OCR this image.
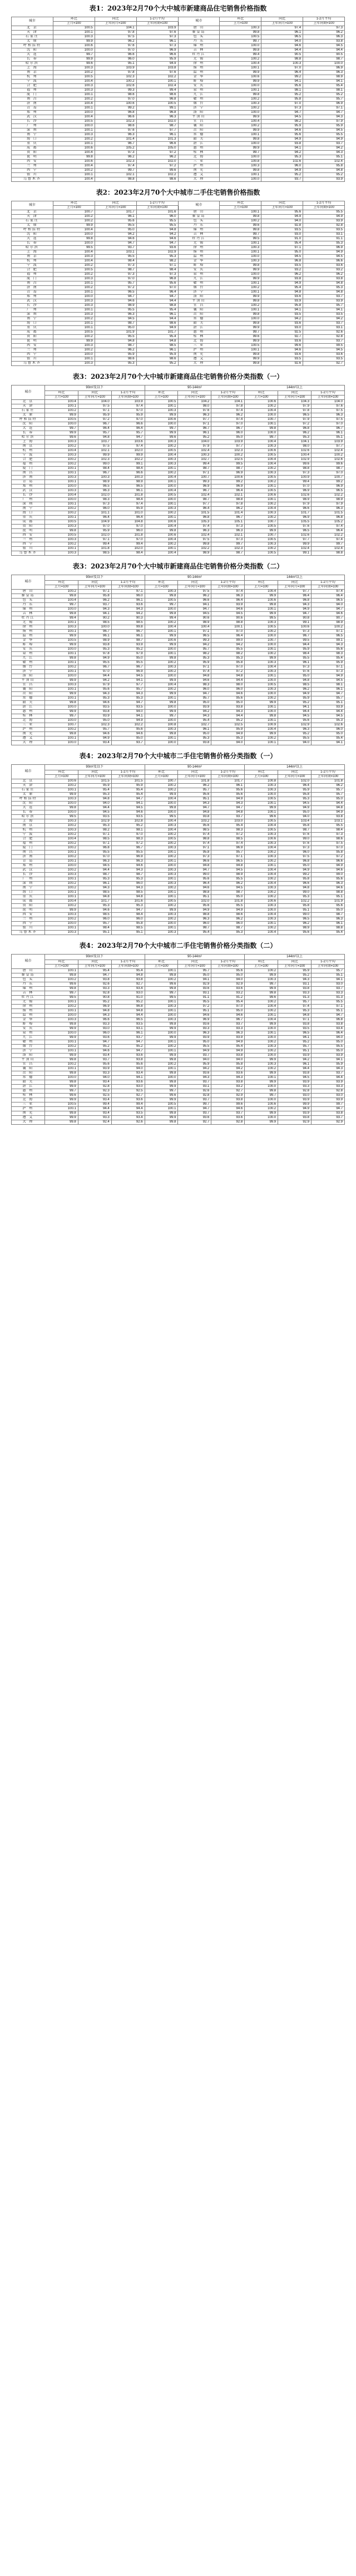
表1：2023年2月70个大中城市新建商品住宅销售价格指数
城市	环比	同比	1-2月平均	城市	环比	同比	1-2月平均
	上月=100	上年同月=100	上年同期=100		上月=100	上年同月=100	上年同期=100
北 京	100.5	104.1	103.9	唐 山	100.3	97.4	97.3
天 津	100.1	97.8	97.6	秦皇岛	99.8	96.1	96.2
石家庄	100.3	97.5	97.3	包 头	100.5	96.5	96.3
太 原	99.9	96.2	96.1	丹 东	99.7	94.0	93.8
呼和浩特	100.6	97.6	97.3	锦 州	100.0	94.6	94.5
沈 阳	100.0	97.0	96.9	吉 林	99.8	94.4	94.4
大 连	99.7	96.6	96.6	牡丹江	99.4	90.5	90.5
长 春	99.9	96.0	95.9	无 锡	100.2	98.8	98.7
哈尔滨	99.6	95.1	94.9	徐 州	100.4	100.3	100.0
上 海	100.3	103.9	103.8	扬 州	100.1	97.0	96.9
南 京	100.2	97.8	97.6	温 州	99.9	96.4	96.3
杭 州	100.5	102.3	102.2	金 华	100.6	99.2	98.9
宁 波	100.4	100.2	100.1	蚌 埠	99.9	94.1	94.1
合 肥	100.3	102.6	102.4	安 庆	100.0	95.6	95.4
福 州	100.3	99.3	99.4	泉 州	100.1	98.1	98.1
厦 门	100.1	98.6	98.6	九 江	99.8	95.2	95.2
南 昌	100.2	97.0	96.8	赣 州	100.2	95.8	95.7
济 南	100.4	100.6	100.5	烟 台	100.3	97.0	96.9
青 岛	100.1	99.2	99.1	济 宁	100.2	97.3	97.1
郑 州	100.0	96.8	96.8	洛 阳	100.0	94.7	94.7
武 汉	100.4	96.6	96.3	平顶山	99.9	94.5	94.3
长 沙	100.5	102.3	102.0	宜 昌	100.4	98.2	97.9
广 州	100.0	98.6	98.7	襄 阳	100.2	95.9	95.9
深 圳	100.1	97.6	97.7	岳 阳	99.9	94.6	94.5
南 宁	100.3	96.3	96.1	常 德	100.1	95.6	95.5
海 口	100.2	101.4	101.3	韶 关	99.8	94.9	94.9
重 庆	100.1	96.7	96.6	湛 江	100.0	93.8	93.7
成 都	100.6	105.2	105.0	惠 州	99.9	94.1	94.2
贵 阳	100.4	97.3	97.2	桂 林	99.7	94.2	94.3
昆 明	99.8	96.2	96.2	北 海	100.0	95.3	95.1
西 安	100.6	102.3	102.0	三 亚	100.8	102.6	102.4
兰 州	100.4	97.4	97.2	泸 州	100.3	96.0	95.8
西 宁	100.2	99.7	99.6	南 充	99.8	94.9	94.8
银 川	100.1	102.1	102.2	遵 义	100.1	95.2	95.2
乌鲁木齐	100.4	98.8	98.6	大 理	100.0	93.7	93.9
表2：2023年2月70个大中城市二手住宅销售价格指数
城市	环比	同比	1-2月平均	城市	环比	同比	1-2月平均
	上月=100	上年同月=100	上年同期=100		上月=100	上年同月=100	上年同期=100
北 京	100.7	101.7	101.6	唐 山	100.1	95.6	95.5
天 津	100.2	96.1	96.0	秦皇岛	99.8	94.9	94.9
石家庄	100.2	95.6	95.5	包 头	100.2	94.0	93.9
太 原	99.9	95.5	95.5	丹 东	99.6	92.8	92.8
呼和浩特	100.4	95.0	94.8	锦 州	99.8	93.5	93.5
沈 阳	100.0	94.2	94.2	吉 林	99.7	93.0	93.1
大 连	99.8	94.6	94.6	牡丹江	99.5	91.0	91.1
长 春	100.0	94.7	94.7	无 锡	100.1	95.4	95.3
哈尔滨	99.5	93.7	93.6	徐 州	100.3	97.1	96.9
上 海	100.4	103.1	102.9	扬 州	100.1	95.0	94.9
南 京	100.3	95.5	95.3	温 州	100.0	94.5	94.5
杭 州	100.4	98.4	98.2	金 华	100.3	96.8	96.6
宁 波	100.2	97.3	97.1	蚌 埠	99.8	93.5	93.6
合 肥	100.5	98.7	98.4	安 庆	99.9	93.2	93.2
福 州	100.2	97.3	97.3	泉 州	100.0	96.2	96.2
厦 门	100.3	97.0	96.8	九 江	99.9	93.8	93.8
南 昌	100.1	95.7	95.6	赣 州	100.1	94.9	94.8
济 南	100.2	97.2	97.0	烟 台	100.2	95.4	95.3
青 岛	100.1	96.5	96.4	济 宁	100.1	94.8	94.8
郑 州	100.0	94.7	94.7	洛 阳	99.9	93.6	93.7
武 汉	100.3	94.6	94.4	平顶山	99.8	93.9	93.9
长 沙	100.3	98.9	98.8	宜 昌	100.2	95.8	95.7
广 州	100.1	95.5	95.4	襄 阳	100.1	94.1	94.1
深 圳	100.3	96.3	96.1	岳 阳	99.8	93.5	93.5
南 宁	100.2	94.5	94.4	常 德	100.0	94.2	94.2
海 口	100.1	98.7	98.6	韶 关	99.8	93.6	93.7
重 庆	100.1	95.0	94.9	湛 江	99.9	93.0	93.1
成 都	100.5	101.9	101.7	惠 州	99.7	92.5	92.6
贵 阳	100.2	95.5	95.4	桂 林	99.6	92.7	92.8
昆 明	99.9	94.8	94.8	北 海	99.9	93.6	93.7
西 安	100.3	98.7	98.5	三 亚	100.5	99.6	99.5
兰 州	100.2	96.2	96.1	泸 州	100.1	94.6	94.5
西 宁	100.0	95.9	95.9	南 充	99.8	93.6	93.6
银 川	100.1	98.6	98.6	遵 义	99.9	93.5	93.5
乌鲁木齐	100.3	95.3	95.2	大 理	99.8	92.6	92.7
表3：2023年2月70个大中城市新建商品住宅销售价格分类指数（一）
城市	90m²及以下			90-144m²			144m²以上		
	环比	同比	1-2月平均	环比	同比	1-2月平均	环比	同比	1-2月平均
	上月=100	上年同月=100	上年同期=100	上月=100	上年同月=100	上年同期=100	上月=100	上年同月=100	上年同期=100
北 京	100.4	104.0	103.9	100.5	104.2	104.1	100.6	104.3	104.0
天 津	100.1	97.5	97.4	100.1	98.0	97.8	100.2	97.9	97.6
石家庄	100.2	97.1	97.0	100.3	97.6	97.4	100.4	97.8	97.5
太 原	99.9	95.9	95.9	99.9	96.3	96.2	100.0	96.5	96.3
呼和浩特	100.5	97.2	97.0	100.6	97.7	97.4	100.7	97.9	97.5
沈 阳	100.0	96.7	96.6	100.0	97.1	97.0	100.1	97.2	97.0
大 连	99.7	96.4	96.4	99.7	96.7	96.7	99.8	96.8	96.7
长 春	99.9	95.7	95.7	99.9	96.1	96.0	100.0	96.2	96.1
哈尔滨	99.6	94.8	94.7	99.6	95.2	95.0	99.7	95.3	95.1
上 海	100.3	103.7	103.6	100.3	104.0	103.9	100.4	104.1	103.9
南 京	100.2	97.5	97.4	100.2	97.9	97.7	100.3	98.0	97.7
杭 州	100.4	102.1	102.0	100.5	102.4	102.3	100.6	102.6	102.4
宁 波	100.3	99.9	99.9	100.4	100.3	100.2	100.5	100.4	100.2
合 肥	100.2	102.3	102.2	100.3	102.7	102.5	100.4	102.9	102.6
福 州	100.2	99.0	99.1	100.3	99.4	99.5	100.4	99.6	99.6
厦 门	100.1	98.4	98.4	100.1	98.7	98.7	100.2	98.8	98.7
南 昌	100.1	96.7	96.6	100.2	97.1	96.9	100.3	97.3	97.0
济 南	100.3	100.3	100.3	100.4	100.7	100.6	100.5	100.9	100.7
青 岛	100.1	98.9	98.9	100.1	99.3	99.2	100.2	99.4	99.2
郑 州	100.0	96.5	96.5	100.0	96.9	96.9	100.1	97.0	96.9
武 汉	100.3	96.3	96.1	100.4	96.7	96.4	100.5	96.9	96.5
长 沙	100.4	102.0	101.8	100.5	102.4	102.1	100.6	102.6	102.2
广 州	100.0	98.3	98.4	100.0	98.7	98.8	100.1	98.9	98.9
深 圳	100.1	97.3	97.4	100.1	97.7	97.8	100.2	97.9	97.9
南 宁	100.2	96.0	95.9	100.3	96.4	96.2	100.4	96.6	96.3
海 口	100.2	101.1	101.0	100.2	101.5	101.4	100.3	101.7	101.5
重 庆	100.1	96.4	96.4	100.1	96.8	96.7	100.2	96.9	96.8
成 都	100.5	104.9	104.8	100.6	105.3	105.1	100.7	105.5	105.2
贵 阳	100.3	97.0	97.0	100.4	97.4	97.3	100.5	97.6	97.4
昆 明	99.8	95.9	96.0	99.8	96.3	96.3	99.9	96.5	96.4
西 安	100.5	102.0	101.8	100.6	102.4	102.1	100.7	102.6	102.2
兰 州	100.3	97.1	97.0	100.4	97.5	97.3	100.5	97.7	97.4
西 宁	100.2	99.4	99.4	100.2	99.8	99.7	100.3	99.9	99.7
银 川	100.1	101.8	102.0	100.1	102.2	102.3	100.2	102.4	102.4
乌鲁木齐	100.3	98.5	98.4	100.4	98.9	98.7	100.5	99.1	98.8
表3：2023年2月70个大中城市新建商品住宅销售价格分类指数（二）
城市	90m²及以下			90-144m²			144m²以上		
	环比	同比	1-2月平均	环比	同比	1-2月平均	环比	同比	1-2月平均
	上月=100	上年同月=100	上年同期=100	上月=100	上年同月=100	上年同期=100	上月=100	上年同月=100	上年同期=100
唐 山	100.2	97.1	97.1	100.3	97.5	97.4	100.4	97.7	97.4
秦皇岛	99.8	95.8	96.0	99.8	96.2	96.3	99.9	96.4	96.4
包 头	100.4	96.2	96.1	100.5	96.6	96.4	100.6	96.8	96.5
丹 东	99.7	93.7	93.6	99.7	94.1	93.9	99.8	94.3	94.0
锦 州	100.0	94.3	94.3	100.0	94.7	94.6	100.1	94.9	94.7
吉 林	99.8	94.1	94.2	99.8	94.5	94.5	99.9	94.7	94.6
牡丹江	99.4	90.2	90.3	99.4	90.6	90.6	99.5	90.8	90.7
无 锡	100.1	98.5	98.5	100.2	98.9	98.8	100.3	99.1	98.9
徐 州	100.3	100.0	99.8	100.4	100.4	100.1	100.5	100.6	100.2
扬 州	100.1	96.7	96.7	100.1	97.1	97.0	100.2	97.3	97.1
温 州	99.9	96.1	96.1	99.9	96.5	96.4	100.0	96.7	96.5
金 华	100.5	98.9	98.7	100.6	99.3	99.0	100.7	99.5	99.1
蚌 埠	99.9	93.8	93.9	99.9	94.2	94.2	100.0	94.4	94.3
安 庆	100.0	95.3	95.2	100.0	95.7	95.5	100.1	95.9	95.6
泉 州	100.1	97.8	97.9	100.1	98.2	98.2	100.2	98.4	98.3
九 江	99.8	94.9	95.0	99.8	95.3	95.3	99.9	95.5	95.4
赣 州	100.1	95.5	95.5	100.2	95.9	95.8	100.3	96.1	95.9
烟 台	100.2	96.7	96.7	100.3	97.1	97.0	100.4	97.3	97.1
济 宁	100.1	97.0	96.9	100.2	97.4	97.2	100.3	97.6	97.3
洛 阳	100.0	94.4	94.5	100.0	94.8	94.8	100.1	95.0	94.9
平顶山	99.9	94.2	94.1	99.9	94.6	94.4	100.0	94.8	94.5
宜 昌	100.3	97.9	97.7	100.4	98.3	98.0	100.5	98.5	98.1
襄 阳	100.1	95.6	95.7	100.2	96.0	96.0	100.3	96.2	96.1
岳 阳	99.9	94.3	94.3	99.9	94.7	94.6	100.0	94.9	94.7
常 德	100.1	95.3	95.3	100.1	95.7	95.6	100.2	95.9	95.7
韶 关	99.8	94.6	94.7	99.8	95.0	95.0	99.9	95.2	95.1
湛 江	100.0	93.5	93.5	100.0	93.9	93.8	100.1	94.1	93.9
惠 州	99.9	93.8	94.0	99.9	94.2	94.3	100.0	94.4	94.4
桂 林	99.7	93.9	94.1	99.7	94.3	94.4	99.8	94.5	94.5
北 海	100.0	95.0	94.9	100.0	95.4	95.2	100.1	95.6	95.3
三 亚	100.7	102.3	102.2	100.8	102.7	102.5	100.9	102.9	102.6
泸 州	100.2	95.7	95.6	100.3	96.1	95.9	100.4	96.3	96.0
南 充	99.8	94.6	94.6	99.8	95.0	94.9	99.9	95.2	95.0
遵 义	100.1	94.9	95.0	100.1	95.3	95.3	100.2	95.5	95.4
大 理	100.0	93.4	93.7	100.0	93.8	94.0	100.1	94.0	94.1
表4：2023年2月70个大中城市二手住宅销售价格分类指数（一）
城市	90m²及以下			90-144m²			144m²以上		
	环比	同比	1-2月平均	环比	同比	1-2月平均	环比	同比	1-2月平均
	上月=100	上年同月=100	上年同期=100	上月=100	上年同月=100	上年同期=100	上月=100	上年同月=100	上年同期=100
北 京	100.6	101.5	101.5	100.7	101.8	101.7	100.8	102.0	101.8
天 津	100.2	95.9	95.9	100.2	96.2	96.1	100.3	96.4	96.2
石家庄	100.1	95.4	95.4	100.2	95.7	95.6	100.3	95.9	95.7
太 原	99.9	95.3	95.4	99.9	95.6	95.6	100.0	95.8	95.7
呼和浩特	100.3	94.8	94.7	100.4	95.1	94.9	100.5	95.3	95.0
沈 阳	100.0	94.0	94.1	100.0	94.3	94.3	100.1	94.5	94.4
大 连	99.8	94.4	94.5	99.8	94.7	94.7	99.9	94.9	94.8
长 春	100.0	94.5	94.6	100.0	94.8	94.8	100.1	95.0	94.9
哈尔滨	99.5	93.5	93.5	99.5	93.8	93.7	99.6	94.0	93.8
上 海	100.3	102.9	102.8	100.4	103.2	103.0	100.5	103.4	103.1
南 京	100.2	95.3	95.2	100.3	95.6	95.4	100.4	95.8	95.5
杭 州	100.3	98.2	98.1	100.4	98.5	98.3	100.5	98.7	98.4
宁 波	100.2	97.1	97.0	100.2	97.4	97.2	100.3	97.6	97.3
合 肥	100.4	98.5	98.3	100.5	98.8	98.5	100.6	99.0	98.6
福 州	100.2	97.1	97.2	100.2	97.4	97.4	100.3	97.6	97.5
厦 门	100.2	96.8	96.7	100.3	97.1	96.9	100.4	97.3	97.0
南 昌	100.1	95.5	95.5	100.1	95.8	95.7	100.2	96.0	95.8
济 南	100.2	97.0	96.9	100.2	97.3	97.1	100.3	97.5	97.2
青 岛	100.1	96.3	96.3	100.1	96.6	96.5	100.2	96.8	96.6
郑 州	100.0	94.5	94.6	100.0	94.8	94.8	100.1	95.0	94.9
武 汉	100.2	94.4	94.3	100.3	94.7	94.5	100.4	94.9	94.6
长 沙	100.3	98.7	98.7	100.3	99.0	98.9	100.4	99.2	99.0
广 州	100.1	95.3	95.3	100.1	95.6	95.5	100.2	95.8	95.6
深 圳	100.2	96.1	96.0	100.3	96.4	96.2	100.4	96.6	96.3
南 宁	100.2	94.3	94.3	100.2	94.6	94.5	100.3	94.8	94.6
海 口	100.1	98.5	98.5	100.1	98.8	98.7	100.2	99.0	98.8
重 庆	100.1	94.8	94.8	100.1	95.1	95.0	100.2	95.3	95.1
成 都	100.4	101.7	101.6	100.5	102.0	101.8	100.6	102.2	101.9
贵 阳	100.2	95.3	95.3	100.2	95.6	95.5	100.3	95.8	95.6
昆 明	99.9	94.6	94.7	99.9	94.9	94.9	100.0	95.1	95.0
西 安	100.3	98.5	98.4	100.3	98.8	98.6	100.4	99.0	98.7
兰 州	100.2	96.0	96.0	100.2	96.3	96.2	100.3	96.5	96.3
西 宁	100.0	95.7	95.8	100.0	96.0	96.0	100.1	96.2	96.1
银 川	100.1	98.4	98.5	100.1	98.7	98.7	100.2	98.9	98.8
乌鲁木齐	100.3	95.1	95.1	100.3	95.4	95.3	100.4	95.6	95.4
表4：2023年2月70个大中城市二手住宅销售价格分类指数（二）
城市	90m²及以下			90-144m²			144m²以上		
	环比	同比	1-2月平均	环比	同比	1-2月平均	环比	同比	1-2月平均
	上月=100	上年同月=100	上年同期=100	上月=100	上年同月=100	上年同期=100	上月=100	上年同月=100	上年同期=100
唐 山	100.1	95.4	95.4	100.1	95.7	95.6	100.2	95.9	95.7
秦皇岛	99.8	94.7	94.8	99.8	95.0	95.0	99.9	95.2	95.1
包 头	100.2	93.8	93.8	100.2	94.1	94.0	100.3	94.3	94.1
丹 东	99.6	92.6	92.7	99.6	92.9	92.9	99.7	93.1	93.0
锦 州	99.8	93.3	93.4	99.8	93.6	93.6	99.9	93.8	93.7
吉 林	99.7	92.8	93.0	99.7	93.1	93.2	99.8	93.3	93.3
牡丹江	99.5	90.8	91.0	99.5	91.1	91.2	99.6	91.3	91.3
无 锡	100.1	95.2	95.2	100.1	95.5	95.4	100.2	95.7	95.5
徐 州	100.2	96.9	96.8	100.3	97.2	97.0	100.4	97.4	97.1
扬 州	100.1	94.8	94.8	100.1	95.1	95.0	100.2	95.3	95.1
温 州	100.0	94.3	94.4	100.0	94.6	94.6	100.1	94.8	94.7
金 华	100.3	96.6	96.5	100.3	96.9	96.7	100.4	97.1	96.8
蚌 埠	99.8	93.3	93.5	99.8	93.6	93.7	99.9	93.8	93.8
安 庆	99.9	93.0	93.1	99.9	93.3	93.3	100.0	93.5	93.4
泉 州	100.0	96.0	96.1	100.0	96.3	96.3	100.1	96.5	96.4
九 江	99.9	93.6	93.7	99.9	93.9	93.9	100.0	94.1	94.0
赣 州	100.1	94.7	94.7	100.1	95.0	94.9	100.2	95.2	95.0
烟 台	100.2	95.2	95.2	100.2	95.5	95.4	100.3	95.7	95.5
济 宁	100.1	94.6	94.7	100.1	94.9	94.9	100.2	95.1	95.0
洛 阳	99.9	93.4	93.6	99.9	93.7	93.8	100.0	93.9	93.9
平顶山	99.8	93.7	93.8	99.8	94.0	94.0	99.9	94.2	94.1
宜 昌	100.2	95.6	95.6	100.2	95.9	95.8	100.3	96.1	95.9
襄 阳	100.1	93.9	94.0	100.1	94.2	94.2	100.2	94.4	94.3
岳 阳	99.8	93.3	93.4	99.8	93.6	93.6	99.9	93.8	93.7
常 德	100.0	94.0	94.1	100.0	94.3	94.3	100.1	94.5	94.4
韶 关	99.8	93.4	93.6	99.8	93.7	93.8	99.9	93.9	93.9
湛 江	99.9	92.8	93.0	99.9	93.1	93.2	100.0	93.3	93.3
惠 州	99.7	92.3	92.5	99.7	92.6	92.7	99.8	92.8	92.8
桂 林	99.6	92.5	92.7	99.6	92.8	92.9	99.7	93.0	93.0
北 海	99.9	93.4	93.6	99.9	93.7	93.8	100.0	93.9	93.9
三 亚	100.5	99.4	99.4	100.5	99.7	99.6	100.6	99.9	99.7
泸 州	100.1	94.4	94.4	100.1	94.7	94.6	100.2	94.9	94.7
南 充	99.8	93.4	93.5	99.8	93.7	93.7	99.9	93.9	93.8
遵 义	99.9	93.3	93.4	99.9	93.6	93.6	100.0	93.8	93.7
大 理	99.8	92.4	92.6	99.8	92.7	92.8	99.9	92.9	92.9
